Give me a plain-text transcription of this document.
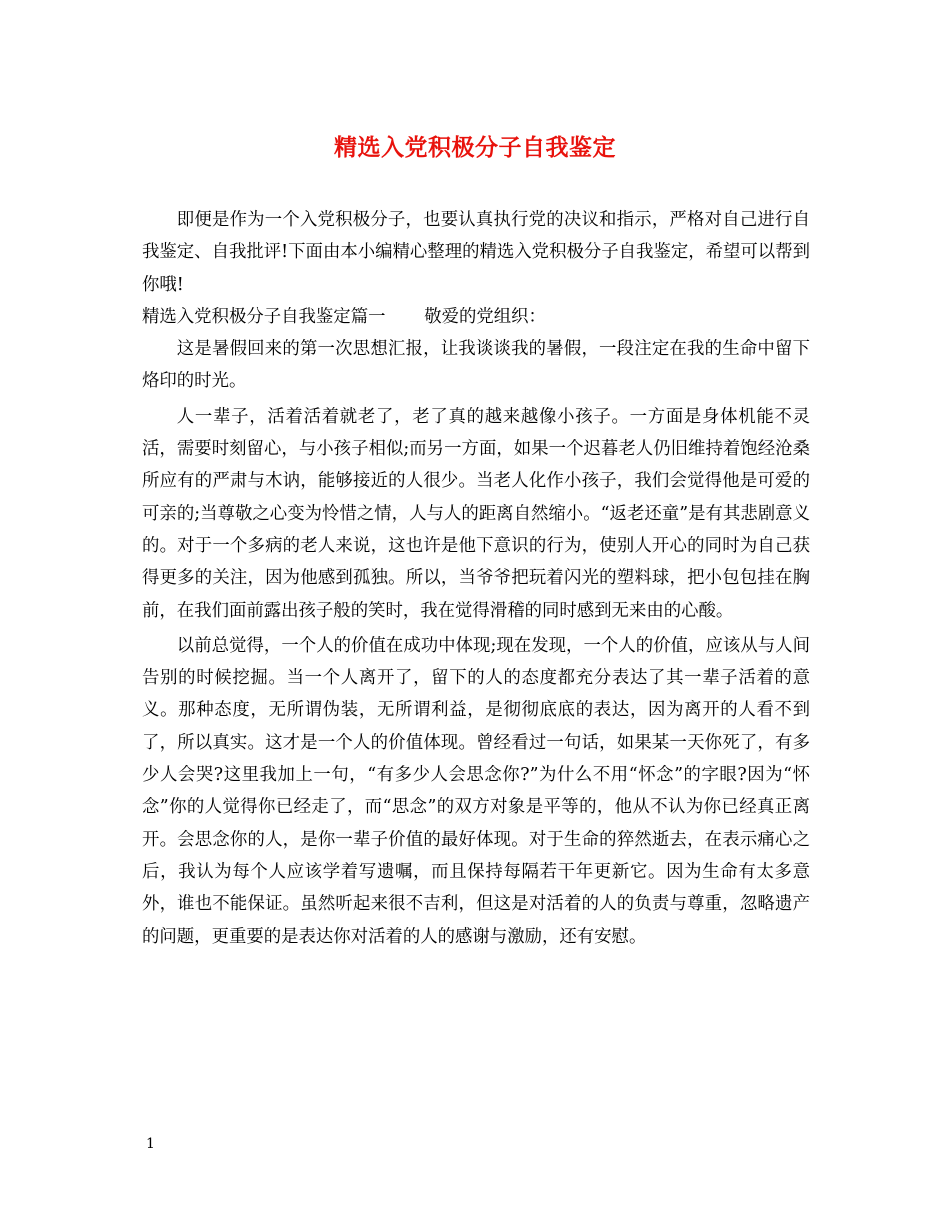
精选入党积极分子自我鉴定

即便是作为一个入党积极分子，也要认真执行党的决议和指示，严格对自己进行自我鉴定、自我批评!下面由本小编精心整理的精选入党积极分子自我鉴定，希望可以帮到你哦!

精选入党积极分子自我鉴定篇一 敬爱的党组织：

这是暑假回来的第一次思想汇报，让我谈谈我的暑假，一段注定在我的生命中留下烙印的时光。

人一辈子，活着活着就老了，老了真的越来越像小孩子。一方面是身体机能不灵活，需要时刻留心，与小孩子相似;而另一方面，如果一个迟暮老人仍旧维持着饱经沧桑所应有的严肃与木讷，能够接近的人很少。当老人化作小孩子，我们会觉得他是可爱的可亲的;当尊敬之心变为怜惜之情，人与人的距离自然缩小。“返老还童”是有其悲剧意义的。对于一个多病的老人来说，这也许是他下意识的行为，使别人开心的同时为自己获得更多的关注，因为他感到孤独。所以，当爷爷把玩着闪光的塑料球，把小包包挂在胸前，在我们面前露出孩子般的笑时，我在觉得滑稽的同时感到无来由的心酸。

以前总觉得，一个人的价值在成功中体现;现在发现，一个人的价值，应该从与人间告别的时候挖掘。当一个人离开了，留下的人的态度都充分表达了其一辈子活着的意义。那种态度，无所谓伪装，无所谓利益，是彻彻底底的表达，因为离开的人看不到了，所以真实。这才是一个人的价值体现。曾经看过一句话，如果某一天你死了，有多少人会哭?这里我加上一句，“有多少人会思念你?”为什么不用“怀念”的字眼?因为“怀念”你的人觉得你已经走了，而“思念”的双方对象是平等的，他从不认为你已经真正离开。会思念你的人，是你一辈子价值的最好体现。对于生命的猝然逝去，在表示痛心之后，我认为每个人应该学着写遗嘱，而且保持每隔若干年更新它。因为生命有太多意外，谁也不能保证。虽然听起来很不吉利，但这是对活着的人的负责与尊重，忽略遗产的问题，更重要的是表达你对活着的人的感谢与激励，还有安慰。

1
